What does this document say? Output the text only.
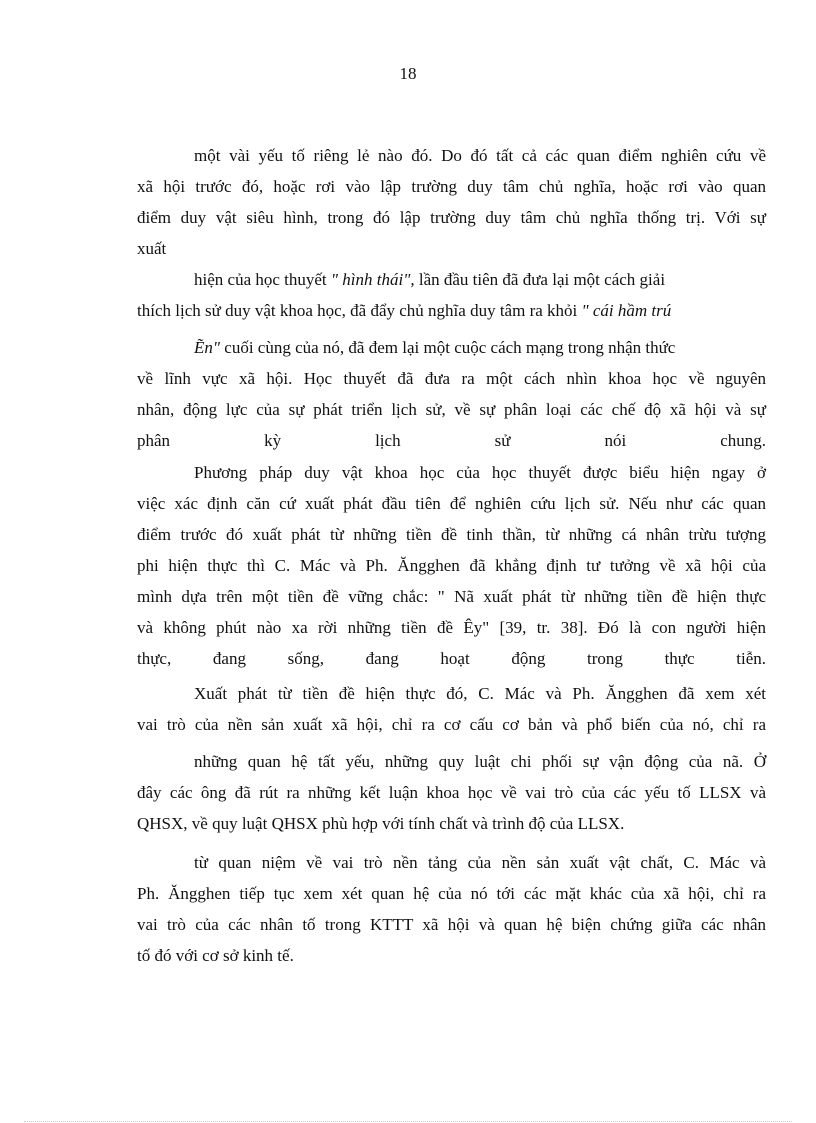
18
một vài yếu tố riêng lẻ nào đó. Do đó tất cả các quan điểm nghiên cứu về
xã hội trước đó, hoặc rơi vào lập trường duy tâm chủ nghĩa, hoặc rơi vào quan
điểm duy vật siêu hình, trong đó lập trường duy tâm chủ nghĩa thống trị. Với sự
xuất
hiện của học thuyết " hình thái", lần đầu tiên đã đưa lại một cách giải
thích lịch sử duy vật khoa học, đã đẩy chủ nghĩa duy tâm ra khỏi " cái hầm trú
Ẽn" cuối cùng của nó, đã đem lại một cuộc cách mạng trong nhận thức
về lĩnh vực xã hội. Học thuyết đã đưa ra một cách nhìn khoa học về nguyên
nhân, động lực của sự phát triển lịch sử, về sự phân loại các chế độ xã hội và sự
phân kỳ lịch sử nói chung.
Phương pháp duy vật khoa học của học thuyết được biểu hiện ngay ở
việc xác định căn cứ xuất phát đầu tiên để nghiên cứu lịch sử. Nếu như các quan
điểm trước đó xuất phát từ những tiền đề tinh thần, từ những cá nhân trừu tượng
phi hiện thực thì C. Mác và Ph. Ăngghen đã khẳng định tư tưởng về xã hội của
mình dựa trên một tiền đề vững chắc: " Nã xuất phát từ những tiền đề hiện thực
và không phút nào xa rời những tiền đề Êy" [39, tr. 38]. Đó là con người hiện
thực, đang sống, đang hoạt động trong thực tiễn.
Xuất phát từ tiền đề hiện thực đó, C. Mác và Ph. Ăngghen đã xem xét
vai trò của nền sản xuất xã hội, chỉ ra cơ cấu cơ bản và phổ biến của nó, chỉ ra
những quan hệ tất yếu, những quy luật chi phối sự vận động của nã. Ở
đây các ông đã rút ra những kết luận khoa học về vai trò của các yếu tố LLSX và
QHSX, về quy luật QHSX phù hợp với tính chất và trình độ của LLSX.
từ quan niệm về vai trò nền tảng của nền sản xuất vật chất, C. Mác và
Ph. Ăngghen tiếp tục xem xét quan hệ của nó tới các mặt khác của xã hội, chỉ ra
vai trò của các nhân tố trong KTTT xã hội và quan hệ biện chứng giữa các nhân
tố đó với cơ sở kinh tế.
